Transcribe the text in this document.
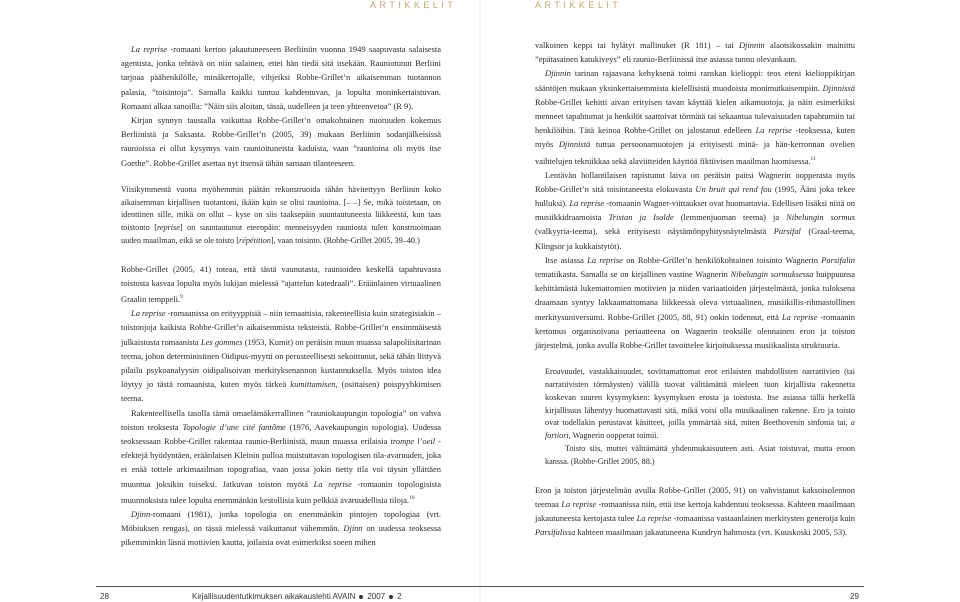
ARTIKKELIT	ARTIKKELIT

La reprise -romaani kertoo jakautuneeseen Berliiniin vuonna 1949 saapuvasta salaisesta agentista, jonka tehtävä on niin salainen, ettei hän tiedä sitä itsekään. Rauniotunut Berliini tarjoaa päähenkilölle, minäkertojalle, vihjeiksi Robbe-Grillet’n aikaisemman tuotannon palasia, ”toisintoja”. Samalla kaikki tuntuu kahdentuvan, ja lopulta moninkertaistuvan. Romaani alkaa sanoilla: ”Näin siis aloitan, tässä, uudelleen ja teen yhteenvetoa” (R 9).

Kirjan synnyn taustalla vaikuttaa Robbe-Grillet’n omakohtainen nuoruuden kokemus Berliinistä ja Saksasta. Robbe-Grillet’n (2005, 39) mukaan Berliinin sodanjälkeisissä raunioissa ei ollut kysymys vain raunioituneista kaduista, vaan ”raunioina oli myös itse Goethe”. Robbe-Grillet asettaa nyt itsensä tähän samaan tilanteeseen.

Viisikymmentä vuotta myöhemmin päätän rekonstruoida tähän hävitettyyn Berliinin koko aikaisemman kirjallisen tuotantoni, ikään kuin se olisi raunioina. [– –] Se, mikä toistetaan, on identtinen sille, mikä on ollut – kyse on siis taaksepäin suuntautuneesta liikkeestä, kun taas toistonto [reprise] on suuntautunut eteenpäin: menneisyyden rauniosta tulen konstruoimaan uuden maailman, eikä se ole toisto [répétition], vaan toisinto. (Robbe-Grillet 2005, 39–40.)

Robbe-Grillet (2005, 41) toteaa, että tästä vaunutasta, raunioiden keskellä tapahtuvasta toistosta kasvaa lopulta myös lukijan mielessä ”ajattelun katedraali”. Eräänlainen virtuaalinen Graalin temppeli.$^9$

La reprise -romaanissa on erityyppisiä – niin temaattisia, rakenteellisia kuin strategisiakin – toistonjoja kaikista Robbe-Grillet’n aikaisemmista teksteistä. Robbe-Grillet’n ensimmäisestä julkaistusta romaanista Les gommes (1953, Kumit) on peräisin muun muassa salapoliisitarinan teema, johon deterministinen Oidipus-myytti on perusteellisesti sekoittunut, sekä tähän liittyvä pilailu psykoanalyysin oidipalisoivan merkityksenannon kustannuksella. Myös toiston idea löytyy jo tästä romaanista, kuten myös tärkeä kumittamisen, (osittaisen) poispyyhkimisen teema.

Rakenteellisella tasolla tämä omaelämäkerrallinen ”rauniokaupungin topologia” on vahva toiston teoksesta Topologie d’une cité fantôme (1976, Aavekaupungin topologia). Uudessa teoksessaan Robbe-Grillet rakentaa raunio-Berliinistä, muun muassa erilaisia trompe l’oeil -efektejä hyödyntäen, eräänlaisen Kleinin pulloa muistuttavan topologisen tila-avaruuden, joka ei enää tottele arkimaailman topografiaa, vaan jossa jokin tietty tila voi täysin yllättäen muuntua joksikin toiseksi. Jatkuvan toiston myötä La reprise -romaanin topologisista muunnoksista tulee lopulta enemmänkin kestollisia kuin pelkkiä avaruudellisia tiloja.$^{10}$

Djinn-romaani (1981), jonka topologia on enemmänkin pintojen topologiaa (vrt. Möbiuksen rengas), on tässä mielessä vaikuttanut vähemmän. Djinn on uudessa teoksessa pikemminkin läsnä motiivien kautta, joilaisia ovat esimerkiksi soeen mihen

valkoinen keppi tai hylätyt mallinuket (R 181) – tai Djinnin alaotsikossakin mainittu ”epätasainen katukiveys” eli raunio-Berliinissä itse asiassa tunnu olevankaan.

Djinnin tarinan rajaavana kehyksenä toimi ranskan kielioppi: teos eteni kielioppikirjan sääntöjen mukaan yksinkertaisemmista kielellisistä muodoista monimutkaisempiin. Djinnissä Robbe-Grillet kehitti aivan erityisen tavan käyttää kielen aikamuotoja, ja näin esimerkiksi menneet tapahtumat ja henkilöt saattoivat törmätä tai sekaantua tulevaisuuden tapahtumiin tai henkilöihin. Tätä keinoa Robbe-Grillet on jalostanut edelleen La reprise -teoksessa, kuten myös Djinnistä tuttua persoonamuotojen ja erityisesti minä- ja hän-kerronnan ovelien vaihtelujen tekniikkaa sekä alaviitteiden käyttöä fiktiivisen maailman luomisessa.$^{11}$

Lentävän hollantilaisen rapistunut laiva on peräisin paitsi Wagnerin oopperasta myös Robbe-Grillet’n sitä toisintaneesta elokuvasta Un bruit qui rend fou (1995, Ääni joka tekee hulluksi). La reprise -romaanin Wagner-viittaukset ovat huomattavia. Edellisen lisäksi niitä on musiikkidraamoista Tristan ja Isolde (lemmenjuoman teema) ja Nibelungin sormus (valkyyria-teema), sekä erityisesti näytämönpyhitysnäytelmästä Parsifal (Graal-teema, Klingsor ja kukkaistytöt).

Itse asiassa La reprise on Robbe-Grillet’n henkilökohtainen toisinto Wagnerin Parsifalin tematiikasta. Samalla se on kirjallinen vastine Wagnerin Nibelungin sormuksessa huippuunsa kehittämästä lukemattomien motiivien ja niiden variaatioiden järjestelmästä, jonka tuloksena draamaan syntyy lakkaamattomana liikkeessä oleva virtuaalinen, musiikillis-rihmastollinen merkitysuniversumi. Robbe-Grillet (2005, 88, 91) onkin todennut, että La reprise -romaanin kertomus organisoivana periaatteena on Wagnerin teoksille olennainen eron ja toiston järjestelmä, jonka avulla Robbe-Grillet tavoittelee kirjoituksessa musiikaalista struktuuria.

Eroavuudet, vastakkaisuudet, sovittamattomat erot erilaisten mahdollisten narratiivien (tai narratiivisten törmäysten) välillä tuovat välttämättä mieleen tuon kirjallista rakennetta koskevan suuren kysymyksen: kysymyksen erosta ja toistosta. Itse asiassa tällä herkellä kirjallisuus lähentyy huomattavasti sitä, mikä voisi olla musikaalinen rakenne. Ero ja toisto ovat todellakin perustavat käsitteet, joilla ymmärtää sitä, miten Beethovenin sinfonia tai, a fortiori, Wagnerin oopperat toimii.

Toisto siis, muttei välttämättä yhdenmukaisuuteen asti. Asiat toistuvat, mutta eroon kanssa. (Robbe-Grillet 2005, 88.)

Eron ja toiston järjestelmän avulla Robbe-Grillet (2005, 91) on vahvistanut kaksoisolennon teemaa La reprise -romaanissa niin, että itse kertoja kahdentuu teoksessa. Kahteen maailmaan jakautuneesta kertojasta tulee La reprise -romaanissa vastaanlainen merkitysten generoija kuin Parsifalissa kahteen maailmaan jakautuneena Kundryn hahmosta (vrt. Kuuskoski 2005, 53).

28	Kirjallisuudentutkimuksen aikakauslehti AVAIN 2007 2	29
